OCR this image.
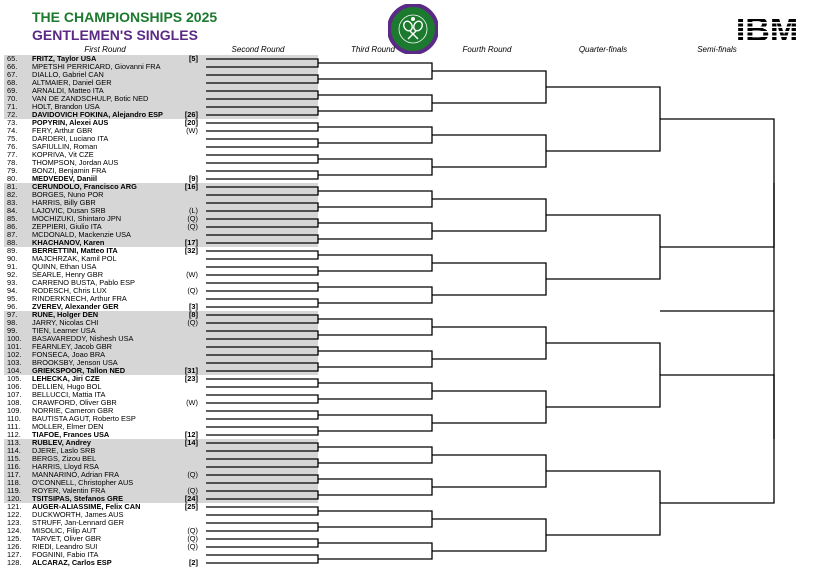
THE CHAMPIONSHIPS 2025
GENTLEMEN'S SINGLES	IBM
First Round	Second Round	Third Round	Fourth Round	Quarter-finals	Semi-finals
65. FRITZ, Taylor USA	[5]
66. MPETSHI PERRICARD, Giovanni FRA
67. DIALLO, Gabriel CAN
68. ALTMAIER, Daniel GER
69. ARNALDI, Matteo ITA
70. VAN DE ZANDSCHULP, Botic NED
71. HOLT, Brandon USA
72. DAVIDOVICH FOKINA, Alejandro ESP	[26]
73. POPYRIN, Alexei AUS	[20]
74. FERY, Arthur GBR	(W)
75. DARDERI, Luciano ITA
76. SAFIULLIN, Roman
77. KOPRIVA, Vit CZE
78. THOMPSON, Jordan AUS
79. BONZI, Benjamin FRA
80. MEDVEDEV, Daniil	[9]
81. CERUNDOLO, Francisco ARG	[16]
82. BORGES, Nuno POR
83. HARRIS, Billy GBR
84. LAJOVIC, Dusan SRB	(L)
85. MOCHIZUKI, Shintaro JPN	(Q)
86. ZEPPIERI, Giulio ITA	(Q)
87. MCDONALD, Mackenzie USA
88. KHACHANOV, Karen	[17]
89. BERRETTINI, Matteo ITA	[32]
90. MAJCHRZAK, Kamil POL
91. QUINN, Ethan USA
92. SEARLE, Henry GBR	(W)
93. CARRENO BUSTA, Pablo ESP
94. RODESCH, Chris LUX	(Q)
95. RINDERKNECH, Arthur FRA
96. ZVEREV, Alexander GER	[3]
97. RUNE, Holger DEN	[8]
98. JARRY, Nicolas CHI	(Q)
99. TIEN, Learner USA
100. BASAVAREDDY, Nishesh USA
101. FEARNLEY, Jacob GBR
102. FONSECA, Joao BRA
103. BROOKSBY, Jenson USA
104. GRIEKSPOOR, Tallon NED	[31]
105. LEHECKA, Jiri CZE	[23]
106. DELLIEN, Hugo BOL
107. BELLUCCI, Mattia ITA
108. CRAWFORD, Oliver GBR	(W)
109. NORRIE, Cameron GBR
110. BAUTISTA AGUT, Roberto ESP
111. MOLLER, Elmer DEN
112. TIAFOE, Frances USA	[12]
113. RUBLEV, Andrey	[14]
114. DJERE, Laslo SRB
115. BERGS, Zizou BEL
116. HARRIS, Lloyd RSA
117. MANNARINO, Adrian FRA	(Q)
118. O'CONNELL, Christopher AUS
119. ROYER, Valentin FRA	(Q)
120. TSITSIPAS, Stefanos GRE	[24]
121. AUGER-ALIASSIME, Felix CAN	[25]
122. DUCKWORTH, James AUS
123. STRUFF, Jan-Lennard GER
124. MISOLIC, Filip AUT	(Q)
125. TARVET, Oliver GBR	(Q)
126. RIEDI, Leandro SUI	(Q)
127. FOGNINI, Fabio ITA
128. ALCARAZ, Carlos ESP	[2]
